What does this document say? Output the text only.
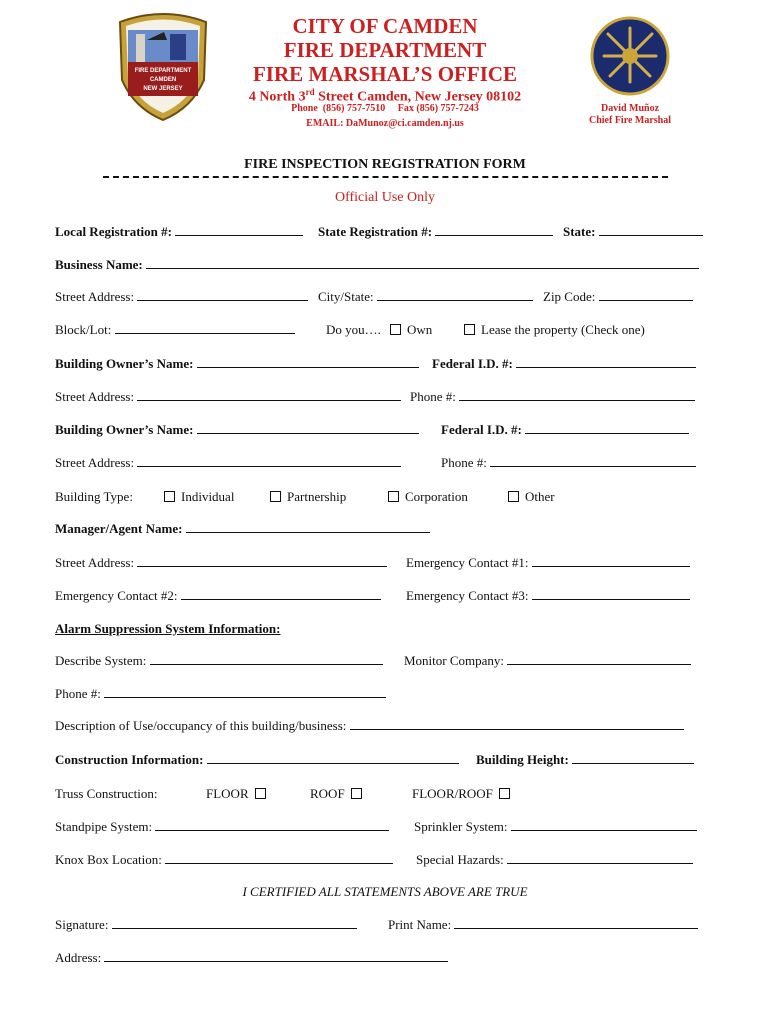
FIRE DEPARTMENT
CAMDEN
NEW JERSEY
CITY OF CAMDEN
FIRE DEPARTMENT
FIRE MARSHAL’S OFFICE
4 North 3rd Street Camden, New Jersey 08102
Phone  (856) 757-7510     Fax (856) 757-7243
EMAIL: DaMunoz@ci.camden.nj.us
David Muñoz
Chief Fire Marshal
FIRE INSPECTION REGISTRATION FORM
Official Use Only
Local Registration #:	State Registration #:	State:
Business Name:
Street Address:	City/State:	Zip Code:
Block/Lot:	Do you….	Own	Lease the property (Check one)
Building Owner’s Name:	Federal I.D. #:
Street Address:	Phone #:
Building Owner’s Name:	Federal I.D. #:
Street Address:	Phone #:
Building Type:	Individual	Partnership	Corporation	Other
Manager/Agent Name:
Street Address:	Emergency Contact #1:
Emergency Contact #2:	Emergency Contact #3:
Alarm Suppression System Information:
Describe System:	Monitor Company:
Phone #:
Description of Use/occupancy of this building/business:
Construction Information:	Building Height:
Truss Construction:	FLOOR	ROOF	FLOOR/ROOF
Standpipe System:	Sprinkler System:
Knox Box Location:	Special Hazards:
I CERTIFIED ALL STATEMENTS ABOVE ARE TRUE
Signature:	Print Name:
Address:
